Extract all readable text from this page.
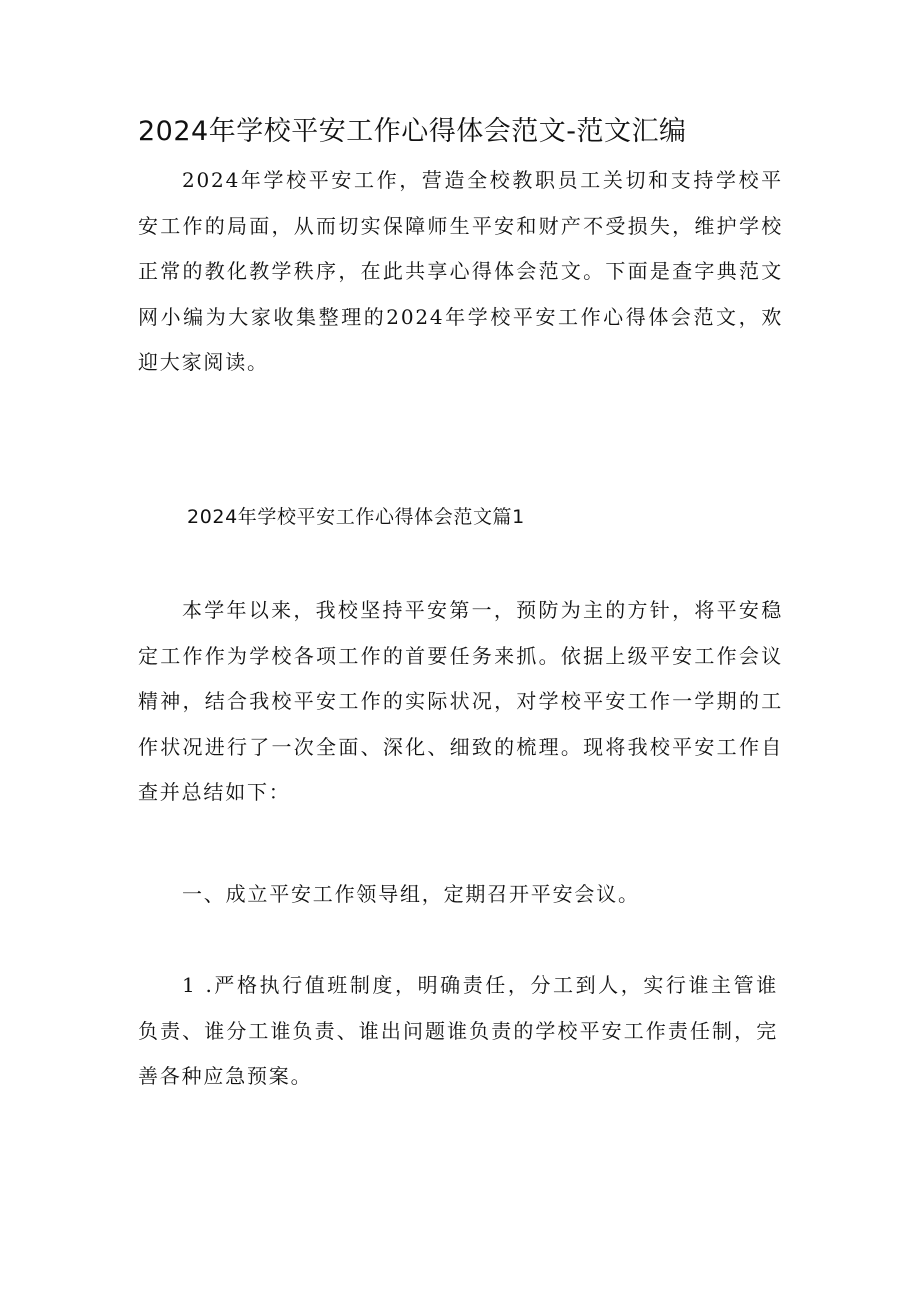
2024年学校平安工作心得体会范文-范文汇编

2024年学校平安工作，营造全校教职员工关切和支持学校平安工作的局面，从而切实保障师生平安和财产不受损失，维护学校正常的教化教学秩序，在此共享心得体会范文。下面是查字典范文网小编为大家收集整理的2024年学校平安工作心得体会范文，欢迎大家阅读。

2024年学校平安工作心得体会范文篇1

本学年以来，我校坚持平安第一，预防为主的方针，将平安稳定工作作为学校各项工作的首要任务来抓。依据上级平安工作会议精神，结合我校平安工作的实际状况，对学校平安工作一学期的工作状况进行了一次全面、深化、细致的梳理。现将我校平安工作自查并总结如下：

一、成立平安工作领导组，定期召开平安会议。

1 .严格执行值班制度，明确责任，分工到人，实行谁主管谁负责、谁分工谁负责、谁出问题谁负责的学校平安工作责任制，完善各种应急预案。
